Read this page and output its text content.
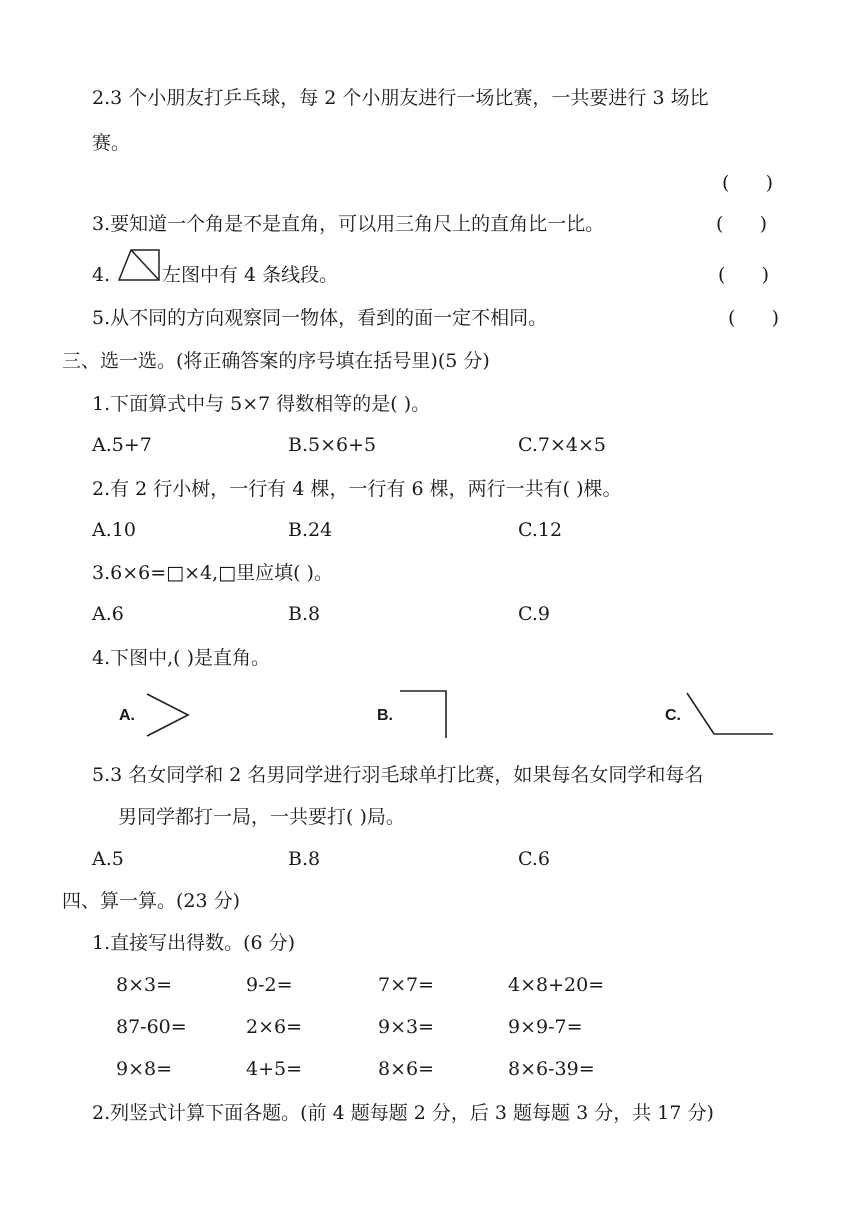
2.3 个小朋友打乒乓球，每 2 个小朋友进行一场比赛，一共要进行 3 场比
赛。
(      )
3.要知道一个角是不是直角，可以用三角尺上的直角比一比。	(      )
4.	左图中有 4 条线段。	(      )
5.从不同的方向观察同一物体，看到的面一定不相同。	(      )
三、选一选。(将正确答案的序号填在括号里)(5 分)
1.下面算式中与 5×7 得数相等的是( )。
A.5+7	B.5×6+5	C.7×4×5
2.有 2 行小树，一行有 4 棵，一行有 6 棵，两行一共有( )棵。
A.10	B.24	C.12
3.6×6=□×4,□里应填( )。
A.6	B.8	C.9
4.下图中,( )是直角。
A.	B.	C.
5.3 名女同学和 2 名男同学进行羽毛球单打比赛，如果每名女同学和每名
男同学都打一局，一共要打( )局。
A.5	B.8	C.6
四、算一算。(23 分)
1.直接写出得数。(6 分)
8×3=	9-2=	7×7=	4×8+20=
87-60=	2×6=	9×3=	9×9-7=
9×8=	4+5=	8×6=	8×6-39=
2.列竖式计算下面各题。(前 4 题每题 2 分，后 3 题每题 3 分，共 17 分)
